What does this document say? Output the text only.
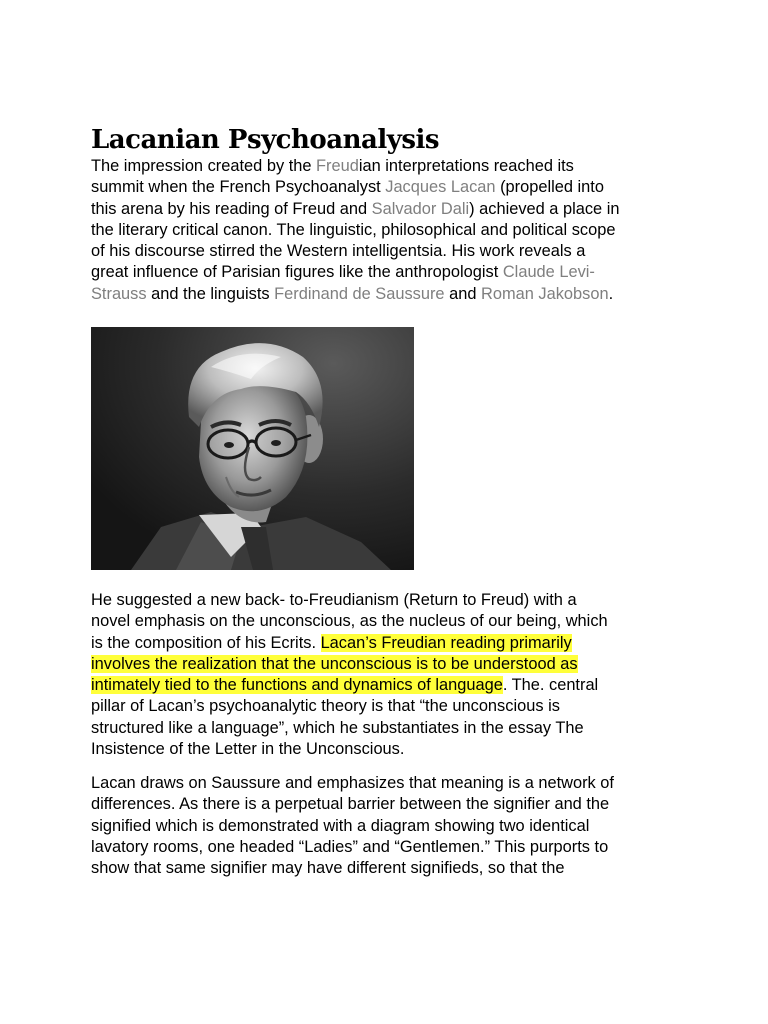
Lacanian Psychoanalysis

The impression created by the Freudian interpretations reached its
summit when the French Psychoanalyst Jacques Lacan (propelled into
this arena by his reading of Freud and Salvador Dali) achieved a place in
the literary critical canon. The linguistic, philosophical and political scope
of his discourse stirred the Western intelligentsia. His work reveals a
great influence of Parisian figures like the anthropologist Claude Levi-
Strauss and the linguists Ferdinand de Saussure and Roman Jakobson.

He suggested a new back- to-Freudianism (Return to Freud) with a
novel emphasis on the unconscious, as the nucleus of our being, which
is the composition of his Ecrits. Lacan’s Freudian reading primarily
involves the realization that the unconscious is to be understood as
intimately tied to the functions and dynamics of language. The. central
pillar of Lacan’s psychoanalytic theory is that “the unconscious is
structured like a language”, which he substantiates in the essay The
Insistence of the Letter in the Unconscious.

Lacan draws on Saussure and emphasizes that meaning is a network of
differences. As there is a perpetual barrier between the signifier and the
signified which is demonstrated with a diagram showing two identical
lavatory rooms, one headed “Ladies” and “Gentlemen.” This purports to
show that same signifier may have different signifieds, so that the
